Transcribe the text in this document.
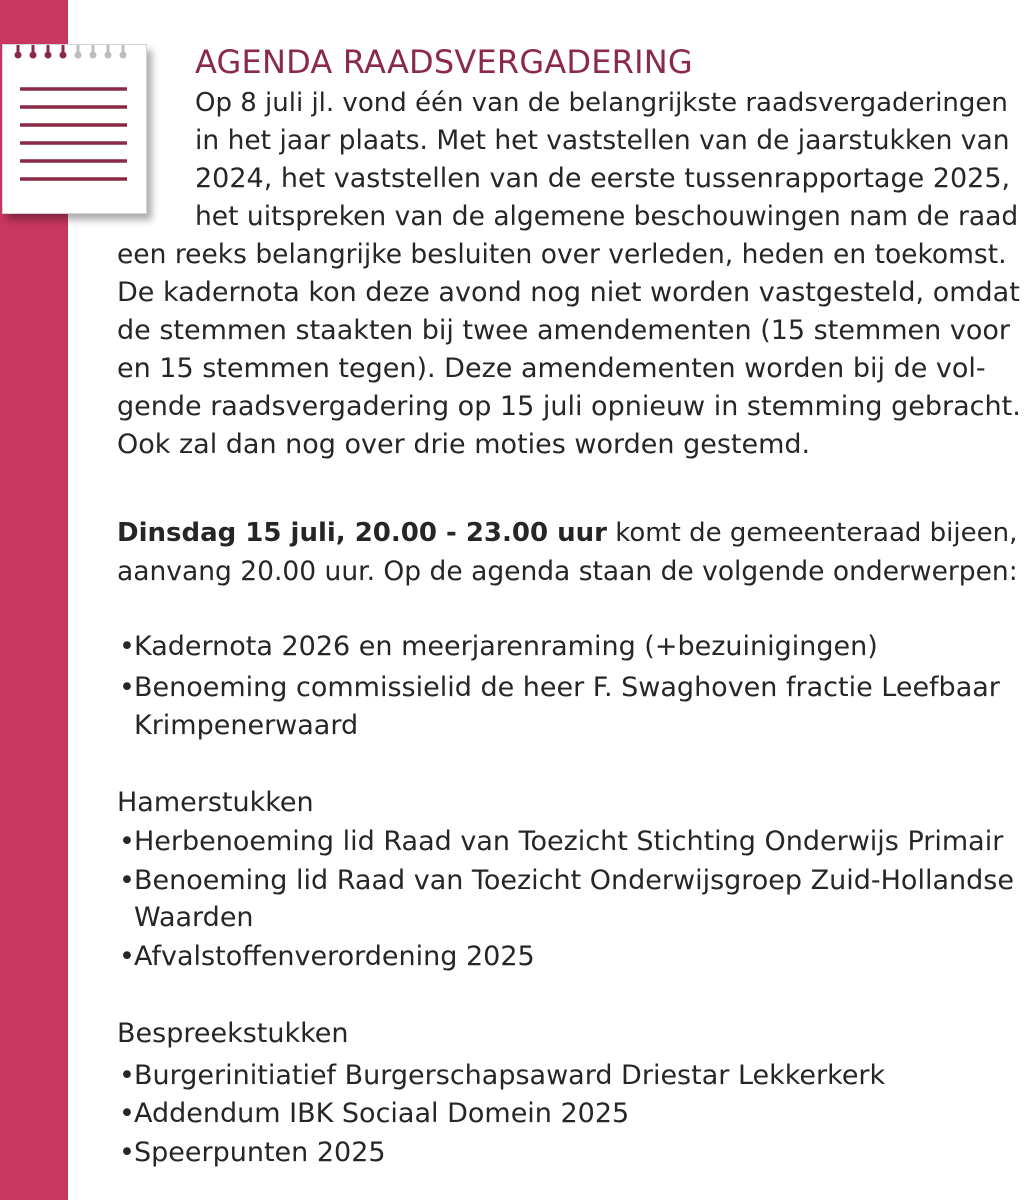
AGENDA RAADSVERGADERING
Op 8 juli jl. vond één van de belangrijkste raadsvergaderingen
in het jaar plaats. Met het vaststellen van de jaarstukken van
2024, het vaststellen van de eerste tussenrapportage 2025,
het uitspreken van de algemene beschouwingen nam de raad
een reeks belangrijke besluiten over verleden, heden en toekomst.
De kadernota kon deze avond nog niet worden vastgesteld, omdat
de stemmen staakten bij twee amendementen (15 stemmen voor
en 15 stemmen tegen). Deze amendementen worden bij de vol-
gende raadsvergadering op 15 juli opnieuw in stemming gebracht.
Ook zal dan nog over drie moties worden gestemd.
Dinsdag 15 juli, 20.00 - 23.00 uur komt de gemeenteraad bijeen,
aanvang 20.00 uur. Op de agenda staan de volgende onderwerpen:
• Kadernota 2026 en meerjarenraming (+bezuinigingen)
• Benoeming commissielid de heer F. Swaghoven fractie Leefbaar
Krimpenerwaard
Hamerstukken
• Herbenoeming lid Raad van Toezicht Stichting Onderwijs Primair
• Benoeming lid Raad van Toezicht Onderwijsgroep Zuid-Hollandse
Waarden
• Afvalstoffenverordening 2025
Bespreekstukken
• Burgerinitiatief Burgerschapsaward Driestar Lekkerkerk
• Addendum IBK Sociaal Domein 2025
• Speerpunten 2025
